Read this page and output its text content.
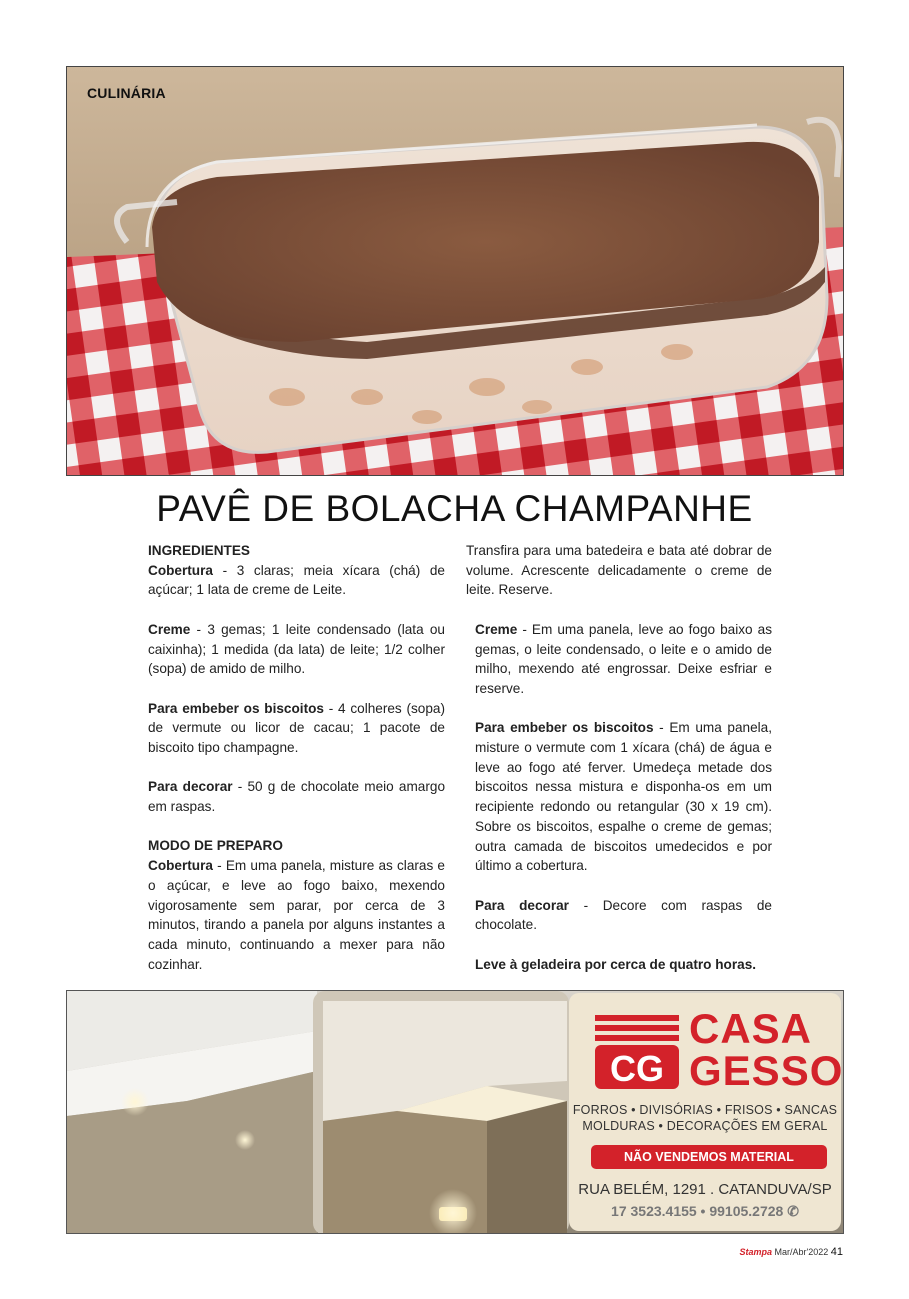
CULINÁRIA
PAVÊ DE BOLACHA CHAMPANHE
INGREDIENTES

Cobertura - 3 claras; meia xícara (chá) de açúcar; 1 lata de creme de Leite.

Creme - 3 gemas; 1 leite condensado (lata ou caixinha); 1 medida (da lata) de leite; 1/2 colher (sopa) de amido de milho.

Para embeber os biscoitos - 4 colheres (sopa) de vermute ou licor de cacau; 1 pacote de biscoito tipo champagne.

Para decorar - 50 g de chocolate meio amargo em raspas.

MODO DE PREPARO

Cobertura - Em uma panela, misture as claras e o açúcar, e leve ao fogo baixo, mexendo vigorosamente sem parar, por cerca de 3 minutos, tirando a panela por alguns instantes a cada minuto, continuando a mexer para não cozinhar.

Transfira para uma batedeira e bata até dobrar de volume. Acrescente delicadamente o creme de leite. Reserve.

Creme - Em uma panela, leve ao fogo baixo as gemas, o leite condensado, o leite e o amido de milho, mexendo até engrossar. Deixe esfriar e reserve.

Para embeber os biscoitos - Em uma panela, misture o vermute com 1 xícara (chá) de água e leve ao fogo até ferver. Umedeça metade dos biscoitos nessa mistura e disponha-os em um recipiente redondo ou retangular (30 x 19 cm). Sobre os biscoitos, espalhe o creme de gemas; outra camada de biscoitos umedecidos e por último a cobertura.

Para decorar - Decore com raspas de chocolate.

Leve à geladeira por cerca de quatro horas.

CG
CASA
GESSO
FORROS • DIVISÓRIAS • FRISOS • SANCAS
MOLDURAS • DECORAÇÕES EM GERAL
NÃO VENDEMOS MATERIAL
RUA BELÉM, 1291 . CATANDUVA/SP
17 3523.4155 • 99105.2728 ✆
Stampa Mar/Abr'2022 41
